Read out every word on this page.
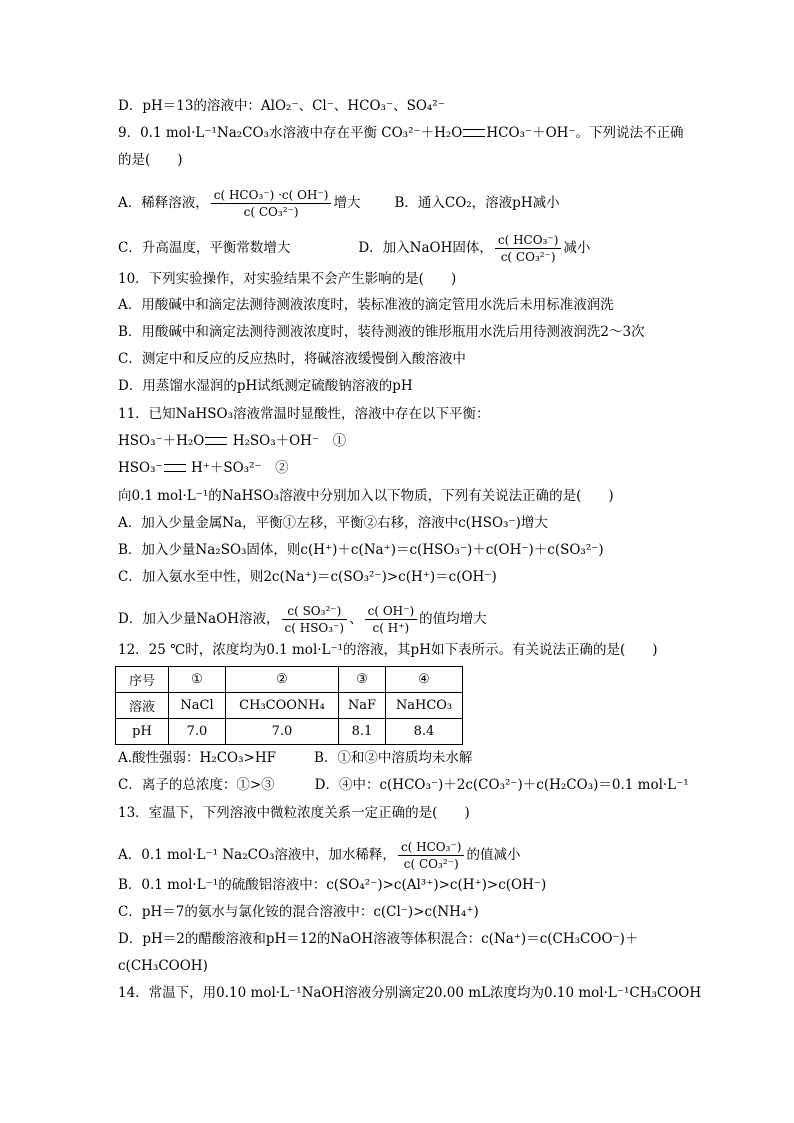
D．pH＝13的溶液中：AlO₂⁻、Cl⁻、HCO₃⁻、SO₄²⁻
9．0.1 mol·L⁻¹Na₂CO₃水溶液中存在平衡 CO₃²⁻＋H₂O HCO₃⁻＋OH⁻。下列说法不正确
的是(　　)
A．稀释溶液， $\frac{\text{c( HCO₃⁻) ·c( OH⁻)}}{\text{c( CO₃²⁻)}}$ 增大	B．通入CO₂，溶液pH减小
C．升高温度，平衡常数增大	D．加入NaOH固体， $\frac{\text{c( HCO₃⁻)}}{\text{c( CO₃²⁻)}}$ 减小
10．下列实验操作，对实验结果不会产生影响的是(　　)
A．用酸碱中和滴定法测待测液浓度时，装标准液的滴定管用水洗后未用标准液润洗
B．用酸碱中和滴定法测待测液浓度时，装待测液的锥形瓶用水洗后用待测液润洗2～3次
C．测定中和反应的反应热时，将碱溶液缓慢倒入酸溶液中
D．用蒸馏水湿润的pH试纸测定硫酸钠溶液的pH
11．已知NaHSO₃溶液常温时显酸性，溶液中存在以下平衡：
HSO₃⁻＋H₂O H₂SO₃＋OH⁻　①
HSO₃⁻ H⁺＋SO₃²⁻　②
向0.1 mol·L⁻¹的NaHSO₃溶液中分别加入以下物质，下列有关说法正确的是(　　)
A．加入少量金属Na，平衡①左移，平衡②右移，溶液中c(HSO₃⁻)增大
B．加入少量Na₂SO₃固体，则c(H⁺)＋c(Na⁺)＝c(HSO₃⁻)＋c(OH⁻)＋c(SO₃²⁻)
C．加入氨水至中性，则2c(Na⁺)＝c(SO₃²⁻)>c(H⁺)＝c(OH⁻)
D．加入少量NaOH溶液， $\frac{\text{c( SO₃²⁻)}}{\text{c( HSO₃⁻)}}$ 、 $\frac{c( OH^-)}{c( H^+)}$ 的值均增大
12．25 ℃时，浓度均为0.1 mol·L⁻¹的溶液，其pH如下表所示。有关说法正确的是(　　)
序号	①	②	③	④
溶液	NaCl	CH₃COONH₄	NaF	NaHCO₃
pH	7.0	7.0	8.1	8.4
A.酸性强弱：H₂CO₃>HF	B．①和②中溶质均未水解
C．离子的总浓度：①>③	D．④中：c(HCO₃⁻)＋2c(CO₃²⁻)＋c(H₂CO₃)＝0.1 mol·L⁻¹
13．室温下，下列溶液中微粒浓度关系一定正确的是(　　)
A．0.1 mol·L⁻¹ Na₂CO₃溶液中，加水稀释， $\frac{\text{c( HCO₃⁻)}}{\text{c( CO₃²⁻)}}$ 的值减小
B．0.1 mol·L⁻¹的硫酸铝溶液中：c(SO₄²⁻)>c(Al³⁺)>c(H⁺)>c(OH⁻)
C．pH＝7的氨水与氯化铵的混合溶液中：c(Cl⁻)>c(NH₄⁺)
D．pH＝2的醋酸溶液和pH＝12的NaOH溶液等体积混合：c(Na⁺)＝c(CH₃COO⁻)＋
c(CH₃COOH)
14．常温下，用0.10 mol·L⁻¹NaOH溶液分别滴定20.00 mL浓度均为0.10 mol·L⁻¹CH₃COOH
